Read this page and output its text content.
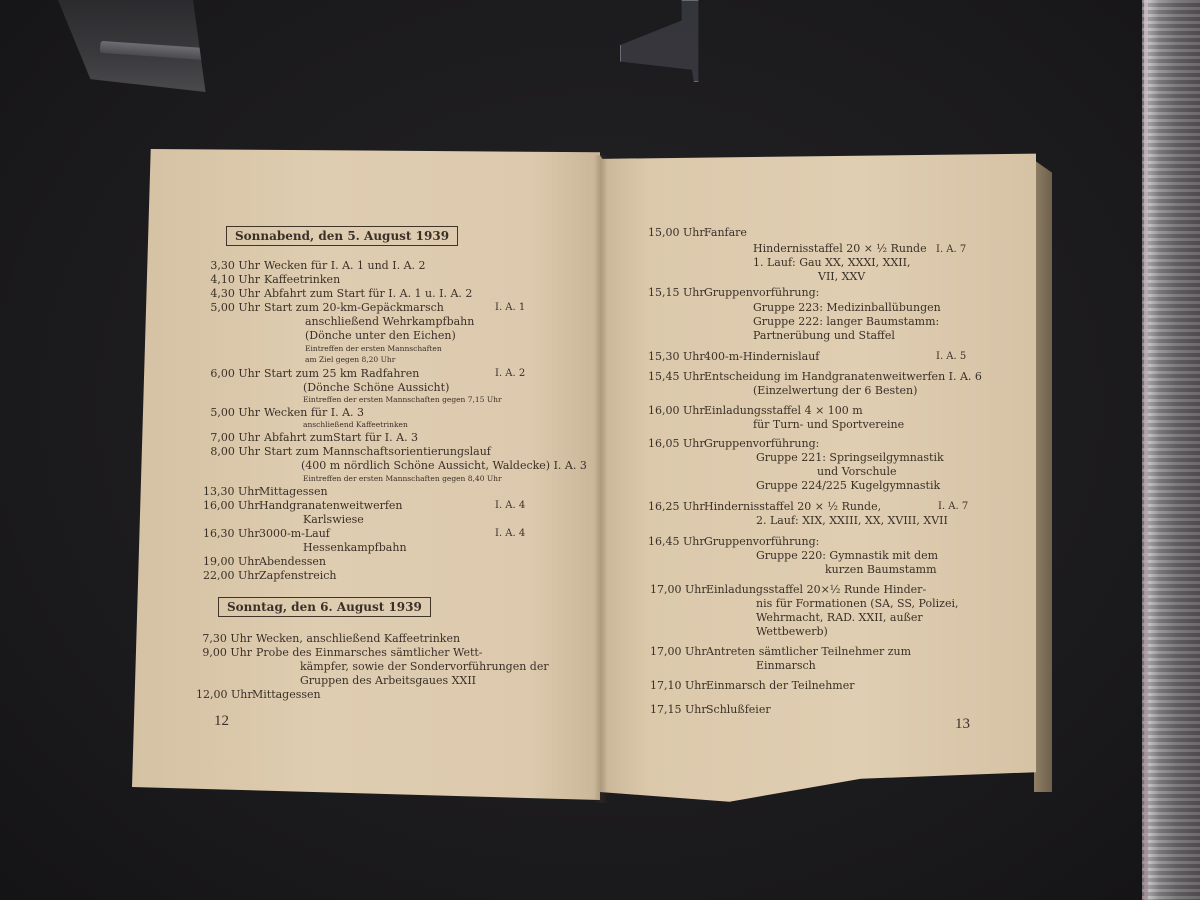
Sonnabend, den 5. August 1939
3,30 Uhr Wecken für I. A. 1 und I. A. 2
4,10 Uhr Kaffeetrinken
4,30 Uhr Abfahrt zum Start für I. A. 1 u. I. A. 2
5,00 Uhr Start zum 20-km-Gepäckmarsch	I. A. 1
anschließend Wehrkampfbahn
(Dönche unter den Eichen)
Eintreffen der ersten Mannschaften
am Ziel gegen 8,20 Uhr
6,00 Uhr Start zum 25 km Radfahren	I. A. 2
(Dönche Schöne Aussicht)
Eintreffen der ersten Mannschaften gegen 7,15 Uhr
5,00 Uhr Wecken für I. A. 3
anschließend Kaffeetrinken
7,00 Uhr Abfahrt zumStart für I. A. 3
8,00 Uhr Start zum Mannschaftsorientierungslauf
(400 m nördlich Schöne Aussicht, Waldecke) I. A. 3
Eintreffen der ersten Mannschaften gegen 8,40 Uhr
13,30 UhrMittagessen
16,00 UhrHandgranatenweitwerfen	I. A. 4
Karlswiese
16,30 Uhr3000-m-Lauf	I. A. 4
Hessenkampfbahn
19,00 UhrAbendessen
22,00 UhrZapfenstreich
Sonntag, den 6. August 1939
7,30 Uhr Wecken, anschließend Kaffeetrinken
9,00 Uhr Probe des Einmarsches sämtlicher Wett-
kämpfer, sowie der Sondervorführungen der
Gruppen des Arbeitsgaues XXII
12,00 UhrMittagessen
12
15,00 UhrFanfare
Hindernisstaffel 20 × ½ Runde I. A. 7
1. Lauf: Gau XX, XXXI, XXII,
VII, XXV
15,15 UhrGruppenvorführung:
Gruppe 223: Medizinballübungen
Gruppe 222: langer Baumstamm:
Partnerübung und Staffel
15,30 Uhr400-m-Hindernislauf	I. A. 5
15,45 UhrEntscheidung im Handgranatenweitwerfen I. A. 6
(Einzelwertung der 6 Besten)
16,00 UhrEinladungsstaffel 4 × 100 m
für Turn- und Sportvereine
16,05 UhrGruppenvorführung:
Gruppe 221: Springseilgymnastik
und Vorschule
Gruppe 224/225 Kugelgymnastik
16,25 UhrHindernisstaffel 20 × ½ Runde,	I. A. 7
2. Lauf: XIX, XXIII, XX, XVIII, XVII
16,45 UhrGruppenvorführung:
Gruppe 220: Gymnastik mit dem
kurzen Baumstamm
17,00 UhrEinladungsstaffel 20×½ Runde Hinder-
nis für Formationen (SA, SS, Polizei,
Wehrmacht, RAD. XXII, außer
Wettbewerb)
17,00 UhrAntreten sämtlicher Teilnehmer zum
Einmarsch
17,10 UhrEinmarsch der Teilnehmer
17,15 UhrSchlußfeier
13
